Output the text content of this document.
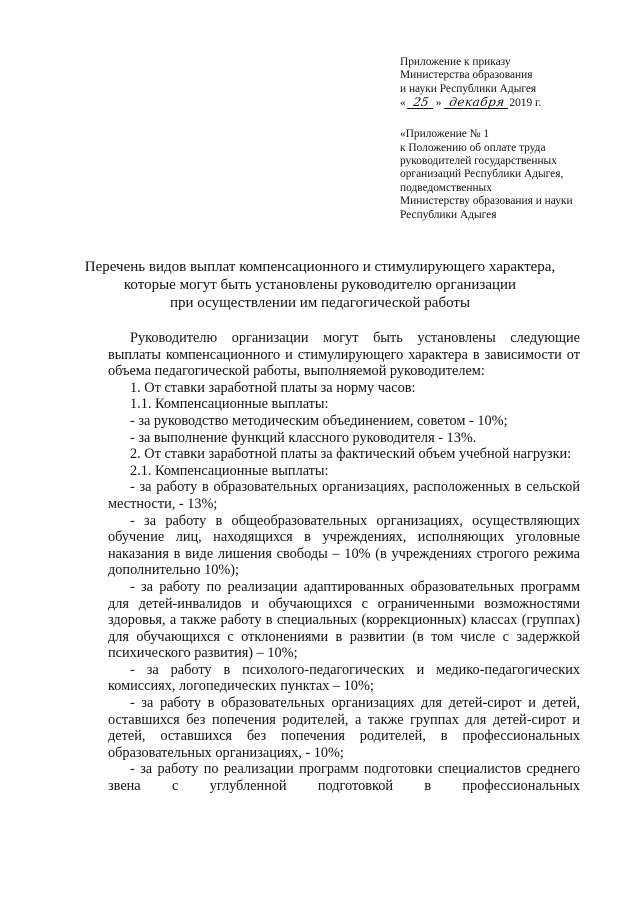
Приложение к приказу
Министерства образования
и науки Республики Адыгея
« 25 » декабря 2019 г.
«Приложение № 1
к Положению об оплате труда
руководителей государственных
организаций Республики Адыгея,
подведомственных
Министерству образования и науки
Республики Адыгея
Перечень видов выплат компенсационного и стимулирующего характера,
которые могут быть установлены руководителю организации
при осуществлении им педагогической работы

Руководителю организации могут быть установлены следующие выплаты компенсационного и стимулирующего характера в зависимости от объема педагогической работы, выполняемой руководителем:

1. От ставки заработной платы за норму часов:

1.1. Компенсационные выплаты:

- за руководство методическим объединением, советом - 10%;

- за выполнение функций классного руководителя - 13%.

2. От ставки заработной платы за фактический объем учебной нагрузки:

2.1. Компенсационные выплаты:

- за работу в образовательных организациях, расположенных в сельской местности, - 13%;

- за работу в общеобразовательных организациях, осуществляющих обучение лиц, находящихся в учреждениях, исполняющих уголовные наказания в виде лишения свободы – 10% (в учреждениях строгого режима дополнительно 10%);

- за работу по реализации адаптированных образовательных программ для детей-инвалидов и обучающихся с ограниченными возможностями здоровья, а также работу в специальных (коррекционных) классах (группах) для обучающихся с отклонениями в развитии (в том числе с задержкой психического развития) – 10%;

- за работу в психолого-педагогических и медико-педагогических комиссиях, логопедических пунктах – 10%;

- за работу в образовательных организациях для детей-сирот и детей, оставшихся без попечения родителей, а также группах для детей-сирот и детей, оставшихся без попечения родителей, в профессиональных образовательных организациях, - 10%;

- за работу по реализации программ подготовки специалистов среднего звена с углубленной подготовкой в профессиональных
